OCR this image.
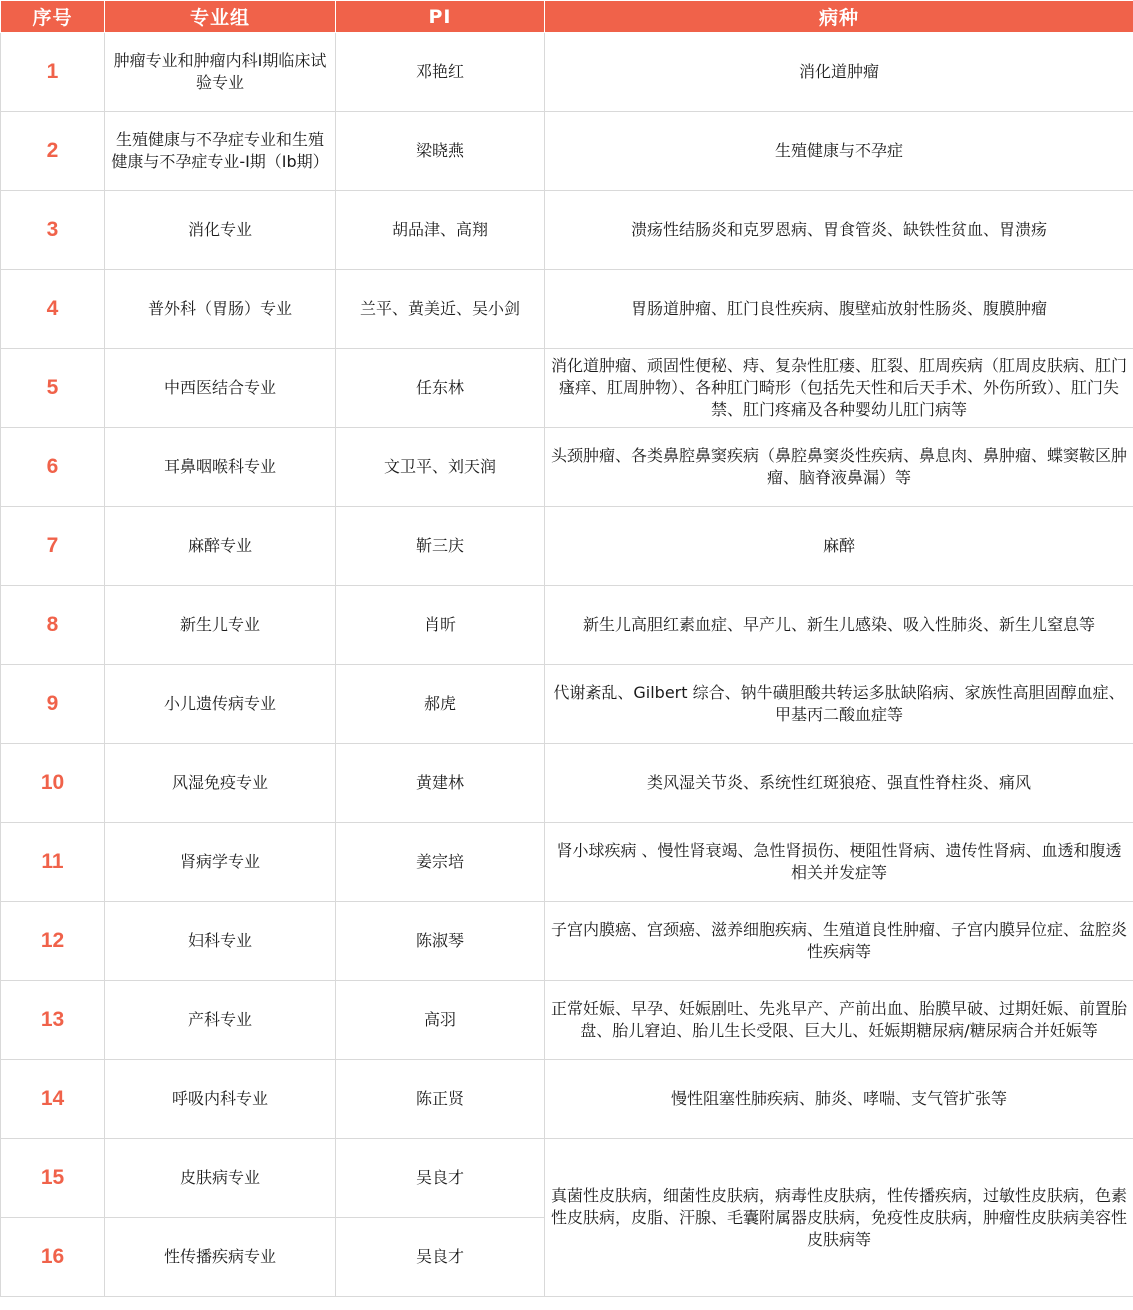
序号	专业组	PI	病种
1	肿瘤专业和肿瘤内科Ⅰ期临床试验专业	邓艳红	消化道肿瘤
2	生殖健康与不孕症专业和生殖健康与不孕症专业-Ⅰ期（Ib期）	梁晓燕	生殖健康与不孕症
3	消化专业	胡品津、高翔	溃疡性结肠炎和克罗恩病、胃食管炎、缺铁性贫血、胃溃疡
4	普外科（胃肠）专业	兰平、黄美近、吴小剑	胃肠道肿瘤、肛门良性疾病、腹壁疝放射性肠炎、腹膜肿瘤
5	中西医结合专业	任东林	消化道肿瘤、顽固性便秘、痔、复杂性肛瘘、肛裂、肛周疾病（肛周皮肤病、肛门瘙痒、肛周肿物）、各种肛门畸形（包括先天性和后天手术、外伤所致）、肛门失禁、肛门疼痛及各种婴幼儿肛门病等
6	耳鼻咽喉科专业	文卫平、刘天润	头颈肿瘤、各类鼻腔鼻窦疾病（鼻腔鼻窦炎性疾病、鼻息肉、鼻肿瘤、蝶窦鞍区肿瘤、脑脊液鼻漏）等
7	麻醉专业	靳三庆	麻醉
8	新生儿专业	肖昕	新生儿高胆红素血症、早产儿、新生儿感染、吸入性肺炎、新生儿窒息等
9	小儿遗传病专业	郝虎	代谢紊乱、Gilbert 综合、钠牛磺胆酸共转运多肽缺陷病、家族性高胆固醇血症、甲基丙二酸血症等
10	风湿免疫专业	黄建林	类风湿关节炎、系统性红斑狼疮、强直性脊柱炎、痛风
11	肾病学专业	姜宗培	肾小球疾病 、慢性肾衰竭、急性肾损伤、梗阻性肾病、遗传性肾病、血透和腹透相关并发症等
12	妇科专业	陈淑琴	子宫内膜癌、宫颈癌、滋养细胞疾病、生殖道良性肿瘤、子宫内膜异位症、盆腔炎性疾病等
13	产科专业	高羽	正常妊娠、早孕、妊娠剧吐、先兆早产、产前出血、胎膜早破、过期妊娠、前置胎盘、胎儿窘迫、胎儿生长受限、巨大儿、妊娠期糖尿病/糖尿病合并妊娠等
14	呼吸内科专业	陈正贤	慢性阻塞性肺疾病、肺炎、哮喘、支气管扩张等
15	皮肤病专业	吴良才	真菌性皮肤病，细菌性皮肤病，病毒性皮肤病，性传播疾病，过敏性皮肤病，色素性皮肤病，皮脂、汗腺、毛囊附属器皮肤病，免疫性皮肤病，肿瘤性皮肤病美容性皮肤病等
16	性传播疾病专业	吴良才	
